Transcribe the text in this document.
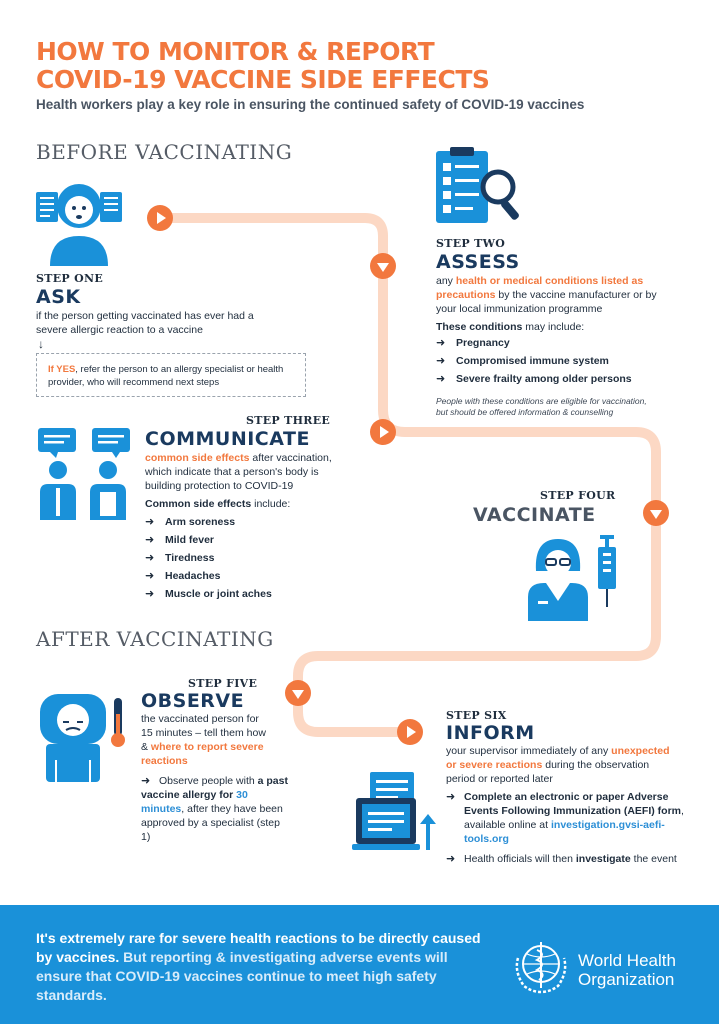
HOW TO MONITOR & REPORT
COVID-19 VACCINE SIDE EFFECTS
Health workers play a key role in ensuring the continued safety of COVID-19 vaccines
BEFORE VACCINATING
AFTER VACCINATING
STEP ONE
ASK
if the person getting vaccinated has ever had a severe allergic reaction to a vaccine
↓
If YES, refer the person to an allergy specialist or health provider, who will recommend next steps
STEP TWO
ASSESS
any health or medical conditions listed as precautions by the vaccine manufacturer or by your local immunization programme
These conditions may include:
➜ Pregnancy
➜ Compromised immune system
➜ Severe frailty among older persons
People with these conditions are eligible for vaccination, but should be offered information & counselling
STEP THREE
COMMUNICATE
common side effects after vaccination, which indicate that a person's body is building protection to COVID-19
Common side effects include:
➜ Arm soreness
➜ Mild fever
➜ Tiredness
➜ Headaches
➜ Muscle or joint aches
STEP FOUR
VACCINATE
STEP FIVE
OBSERVE
the vaccinated person for 15 minutes – tell them how & where to report severe reactions
➜ Observe people with a past vaccine allergy for 30 minutes, after they have been approved by a specialist (step 1)
STEP SIX
INFORM
your supervisor immediately of any unexpected or severe reactions during the observation period or reported later
➜ Complete an electronic or paper Adverse Events Following Immunization (AEFI) form, available online at investigation.gvsi-aefi-tools.org
➜ Health officials will then investigate the event
It's extremely rare for severe health reactions to be directly caused by vaccines. But reporting & investigating adverse events will ensure that COVID-19 vaccines continue to meet high safety standards.
World Health
Organization
